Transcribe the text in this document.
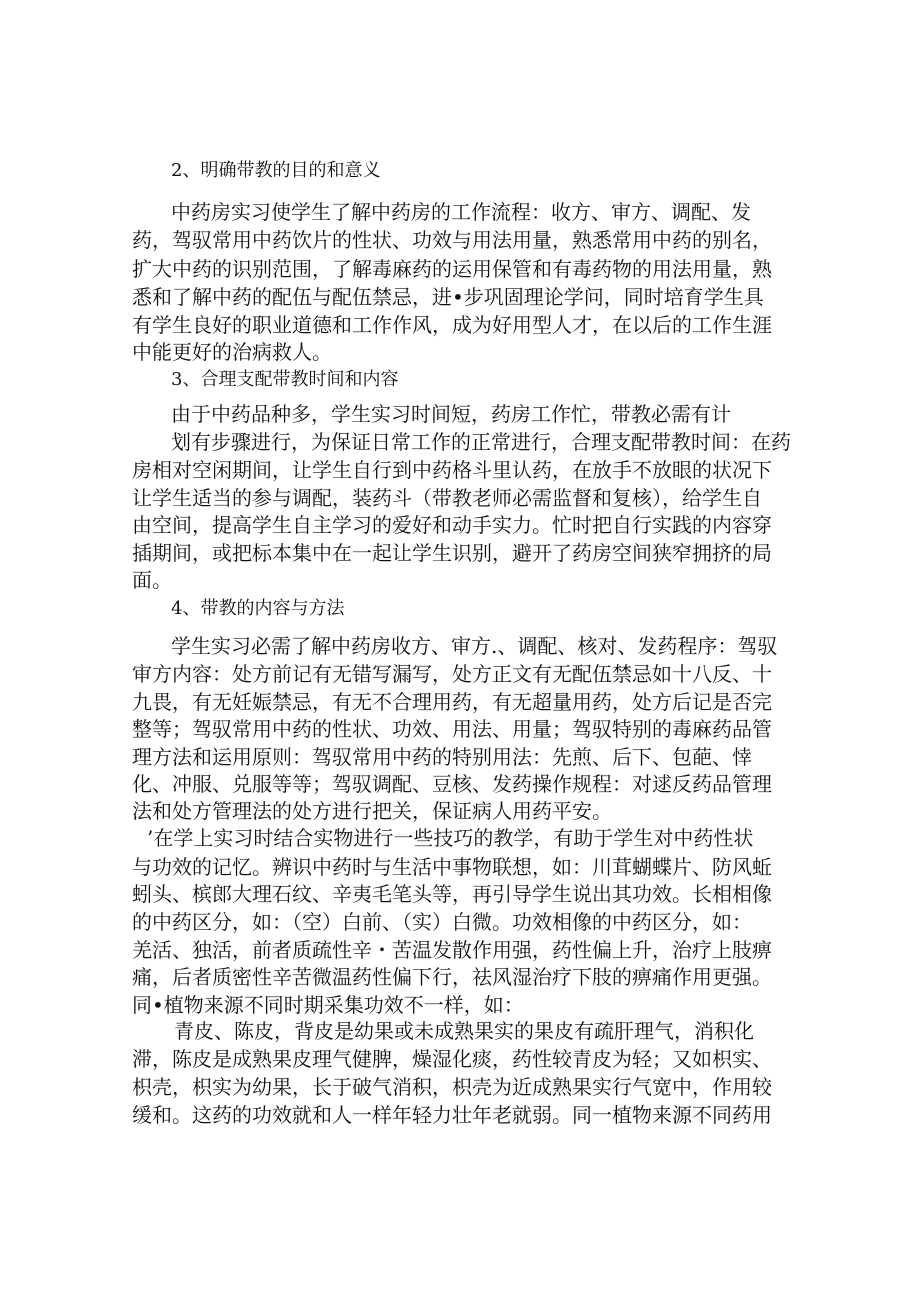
2、明确带教的目的和意义
中药房实习使学生了解中药房的工作流程：收方、审方、调配、发
药，驾驭常用中药饮片的性状、功效与用法用量，熟悉常用中药的别名，
扩大中药的识别范围，了解毒麻药的运用保管和有毒药物的用法用量，熟
悉和了解中药的配伍与配伍禁忌，进•步巩固理论学问，同时培育学生具
有学生良好的职业道德和工作作风，成为好用型人才，在以后的工作生涯
中能更好的治病救人。
3、合理支配带教时间和内容
由于中药品种多，学生实习时间短，药房工作忙，带教必需有计
划有步骤进行，为保证日常工作的正常进行，合理支配带教时间：在药
房相对空闲期间，让学生自行到中药格斗里认药，在放手不放眼的状况下
让学生适当的参与调配，装药斗（带教老师必需监督和复核），给学生自
由空间，提高学生自主学习的爱好和动手实力。忙时把自行实践的内容穿
插期间，或把标本集中在一起让学生识别，避开了药房空间狭窄拥挤的局
面。
4、带教的内容与方法
学生实习必需了解中药房收方、审方.、调配、核对、发药程序：驾驭
审方内容：处方前记有无错写漏写，处方正文有无配伍禁忌如十八反、十
九畏，有无妊娠禁忌，有无不合理用药，有无超量用药，处方后记是否完
整等；驾驭常用中药的性状、功效、用法、用量；驾驭特别的毒麻药品管
理方法和运用原则：驾驭常用中药的特别用法：先煎、后下、包葩、悻
化、冲服、兑服等等；驾驭调配、豆核、发药操作规程：对逑反药品管理
法和处方管理法的处方进行把关，保证病人用药平安。
’在学上实习时结合实物进行一些技巧的教学，有助于学生对中药性状
与功效的记忆。辨识中药时与生活中事物联想，如：川茸蝴蝶片、防风蚯
蚓头、槟郎大理石纹、辛夷毛笔头等，再引导学生说出其功效。长相相像
的中药区分，如：（空）白前、（实）白微。功效相像的中药区分，如：
羌活、独活，前者质疏性辛・苦温发散作用强，药性偏上升，治疗上肢痹
痛，后者质密性辛苦微温药性偏下行，祛风湿治疗下肢的痹痛作用更强。
同•植物来源不同时期采集功效不一样，如：
青皮、陈皮，背皮是幼果或未成熟果实的果皮有疏肝理气，消积化
滞，陈皮是成熟果皮理气健脾，燥湿化痰，药性较青皮为轻；又如枳实、
枳壳，枳实为幼果，长于破气消积，枳壳为近成熟果实行气宽中，作用较
缓和。这药的功效就和人一样年轻力壮年老就弱。同一植物来源不同药用
